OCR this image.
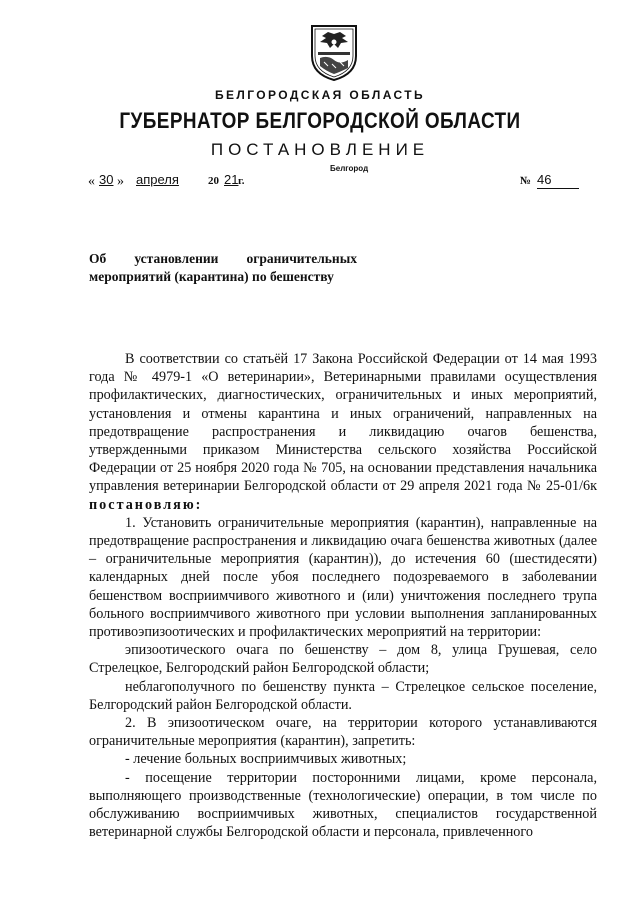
БЕЛГОРОДСКАЯ ОБЛАСТЬ
ГУБЕРНАТОР БЕЛГОРОДСКОЙ ОБЛАСТИ
ПОСТАНОВЛЕНИЕ
Белгород
« 30 » апреля	20 21 г.	№ 46

Об    установлении    ограничительных

мероприятий (карантина) по бешенству

В соответствии со статьёй 17 Закона Российской Федерации от 14 мая 1993 года № 4979-1 «О ветеринарии», Ветеринарными правилами осуществления профилактических, диагностических, ограничительных и иных мероприятий, установления и отмены карантина и иных ограничений, направленных на предотвращение распространения и ликвидацию очагов бешенства, утвержденными приказом Министерства сельского хозяйства Российской Федерации от 25 ноября 2020 года № 705, на основании представления начальника управления ветеринарии Белгородской области от 29 апреля 2021 года № 25-01/6к постановляю:

1. Установить ограничительные мероприятия (карантин), направленные на предотвращение распространения и ликвидацию очага бешенства животных (далее – ограничительные мероприятия (карантин)), до истечения 60 (шестидесяти) календарных дней после убоя последнего подозреваемого в заболевании бешенством восприимчивого животного и (или) уничтожения последнего трупа больного восприимчивого животного при условии выполнения запланированных противоэпизоотических и профилактических мероприятий на территории:

эпизоотического очага по бешенству – дом 8, улица Грушевая, село Стрелецкое, Белгородский район Белгородской области;

неблагополучного по бешенству пункта – Стрелецкое сельское поселение, Белгородский район Белгородской области.

2. В эпизоотическом очаге, на территории которого устанавливаются ограничительные мероприятия (карантин), запретить:

- лечение больных восприимчивых животных;

- посещение территории посторонними лицами, кроме персонала, выполняющего производственные (технологические) операции, в том числе по обслуживанию восприимчивых животных, специалистов государственной ветеринарной службы Белгородской области и персонала, привлеченного
